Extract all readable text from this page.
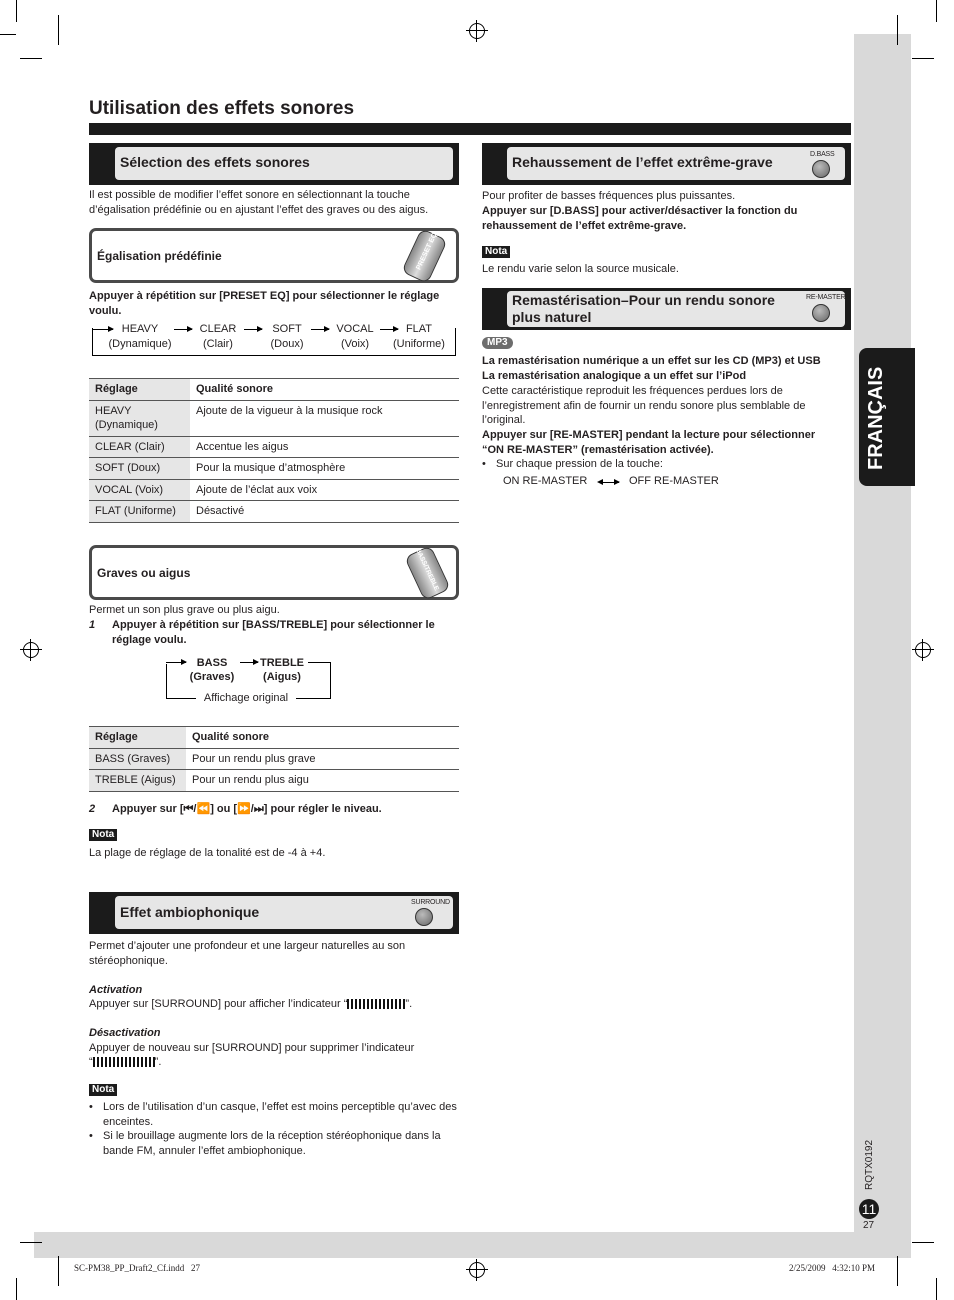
Utilisation des effets sonores
FRANÇAIS
Sélection des effets sonores
Il est possible de modifier l’effet sonore en sélectionnant la touche d’égalisation prédéfinie ou en ajustant l’effet des graves ou des aigus.
Égalisation prédéfinie	PRESET EQ
Appuyer à répétition sur [PRESET EQ] pour sélectionner le réglage voulu.
HEAVY
(Dynamique)
CLEAR
(Clair)
SOFT
(Doux)
VOCAL
(Voix)
FLAT
(Uniforme)
Réglage	Qualité sonore
HEAVY (Dynamique)	Ajoute de la vigueur à la musique rock
CLEAR (Clair)	Accentue les aigus
SOFT (Doux)	Pour la musique d’atmosphère
VOCAL (Voix)	Ajoute de l’éclat aux voix
FLAT (Uniforme)	Désactivé
Graves ou aigus	BASS/TREBLE
Permet un son plus grave ou plus aigu.
1 Appuyer à répétition sur [BASS/TREBLE] pour sélectionner le réglage voulu.
BASS
(Graves)
TREBLE
(Aigus)
Affichage original
Réglage	Qualité sonore
BASS (Graves)	Pour un rendu plus grave
TREBLE (Aigus)	Pour un rendu plus aigu
2 Appuyer sur [⏮/⏪] ou [⏩/⏭] pour régler le niveau.
Nota
La plage de réglage de la tonalité est de -4 à +4.
Effet ambiophonique
SURROUND
Permet d’ajouter une profondeur et une largeur naturelles au son stéréophonique.
Activation
Appuyer sur [SURROUND] pour afficher l’indicateur “	”.
Désactivation
Appuyer de nouveau sur [SURROUND] pour supprimer l’indicateur
“	”.
Nota
• Lors de l’utilisation d’un casque, l’effet est moins perceptible qu’avec des enceintes.
• Si le brouillage augmente lors de la réception stéréophonique dans la bande FM, annuler l’effet ambiophonique.
Rehaussement de l’effet extrême-grave	D.BASS
Pour profiter de basses fréquences plus puissantes.
Appuyer sur [D.BASS] pour activer/désactiver la fonction du rehaussement de l’effet extrême-grave.
Nota
Le rendu varie selon la source musicale.
Remastérisation–Pour un rendu sonore plus naturel
RE-MASTER
MP3
La remastérisation numérique a un effet sur les CD (MP3) et USB
La remastérisation analogique a un effet sur l’iPod
Cette caractéristique reproduit les fréquences perdues lors de l’enregistrement afin de fournir un rendu sonore plus semblable de l’original.
Appuyer sur [RE-MASTER] pendant la lecture pour sélectionner “ON RE-MASTER” (remastérisation activée).
• Sur chaque pression de la touche:
ON RE-MASTER	OFF RE-MASTER
RQTX0192
11
27
SC-PM38_PP_Draft2_Cf.indd   27	2/25/2009   4:32:10 PM
